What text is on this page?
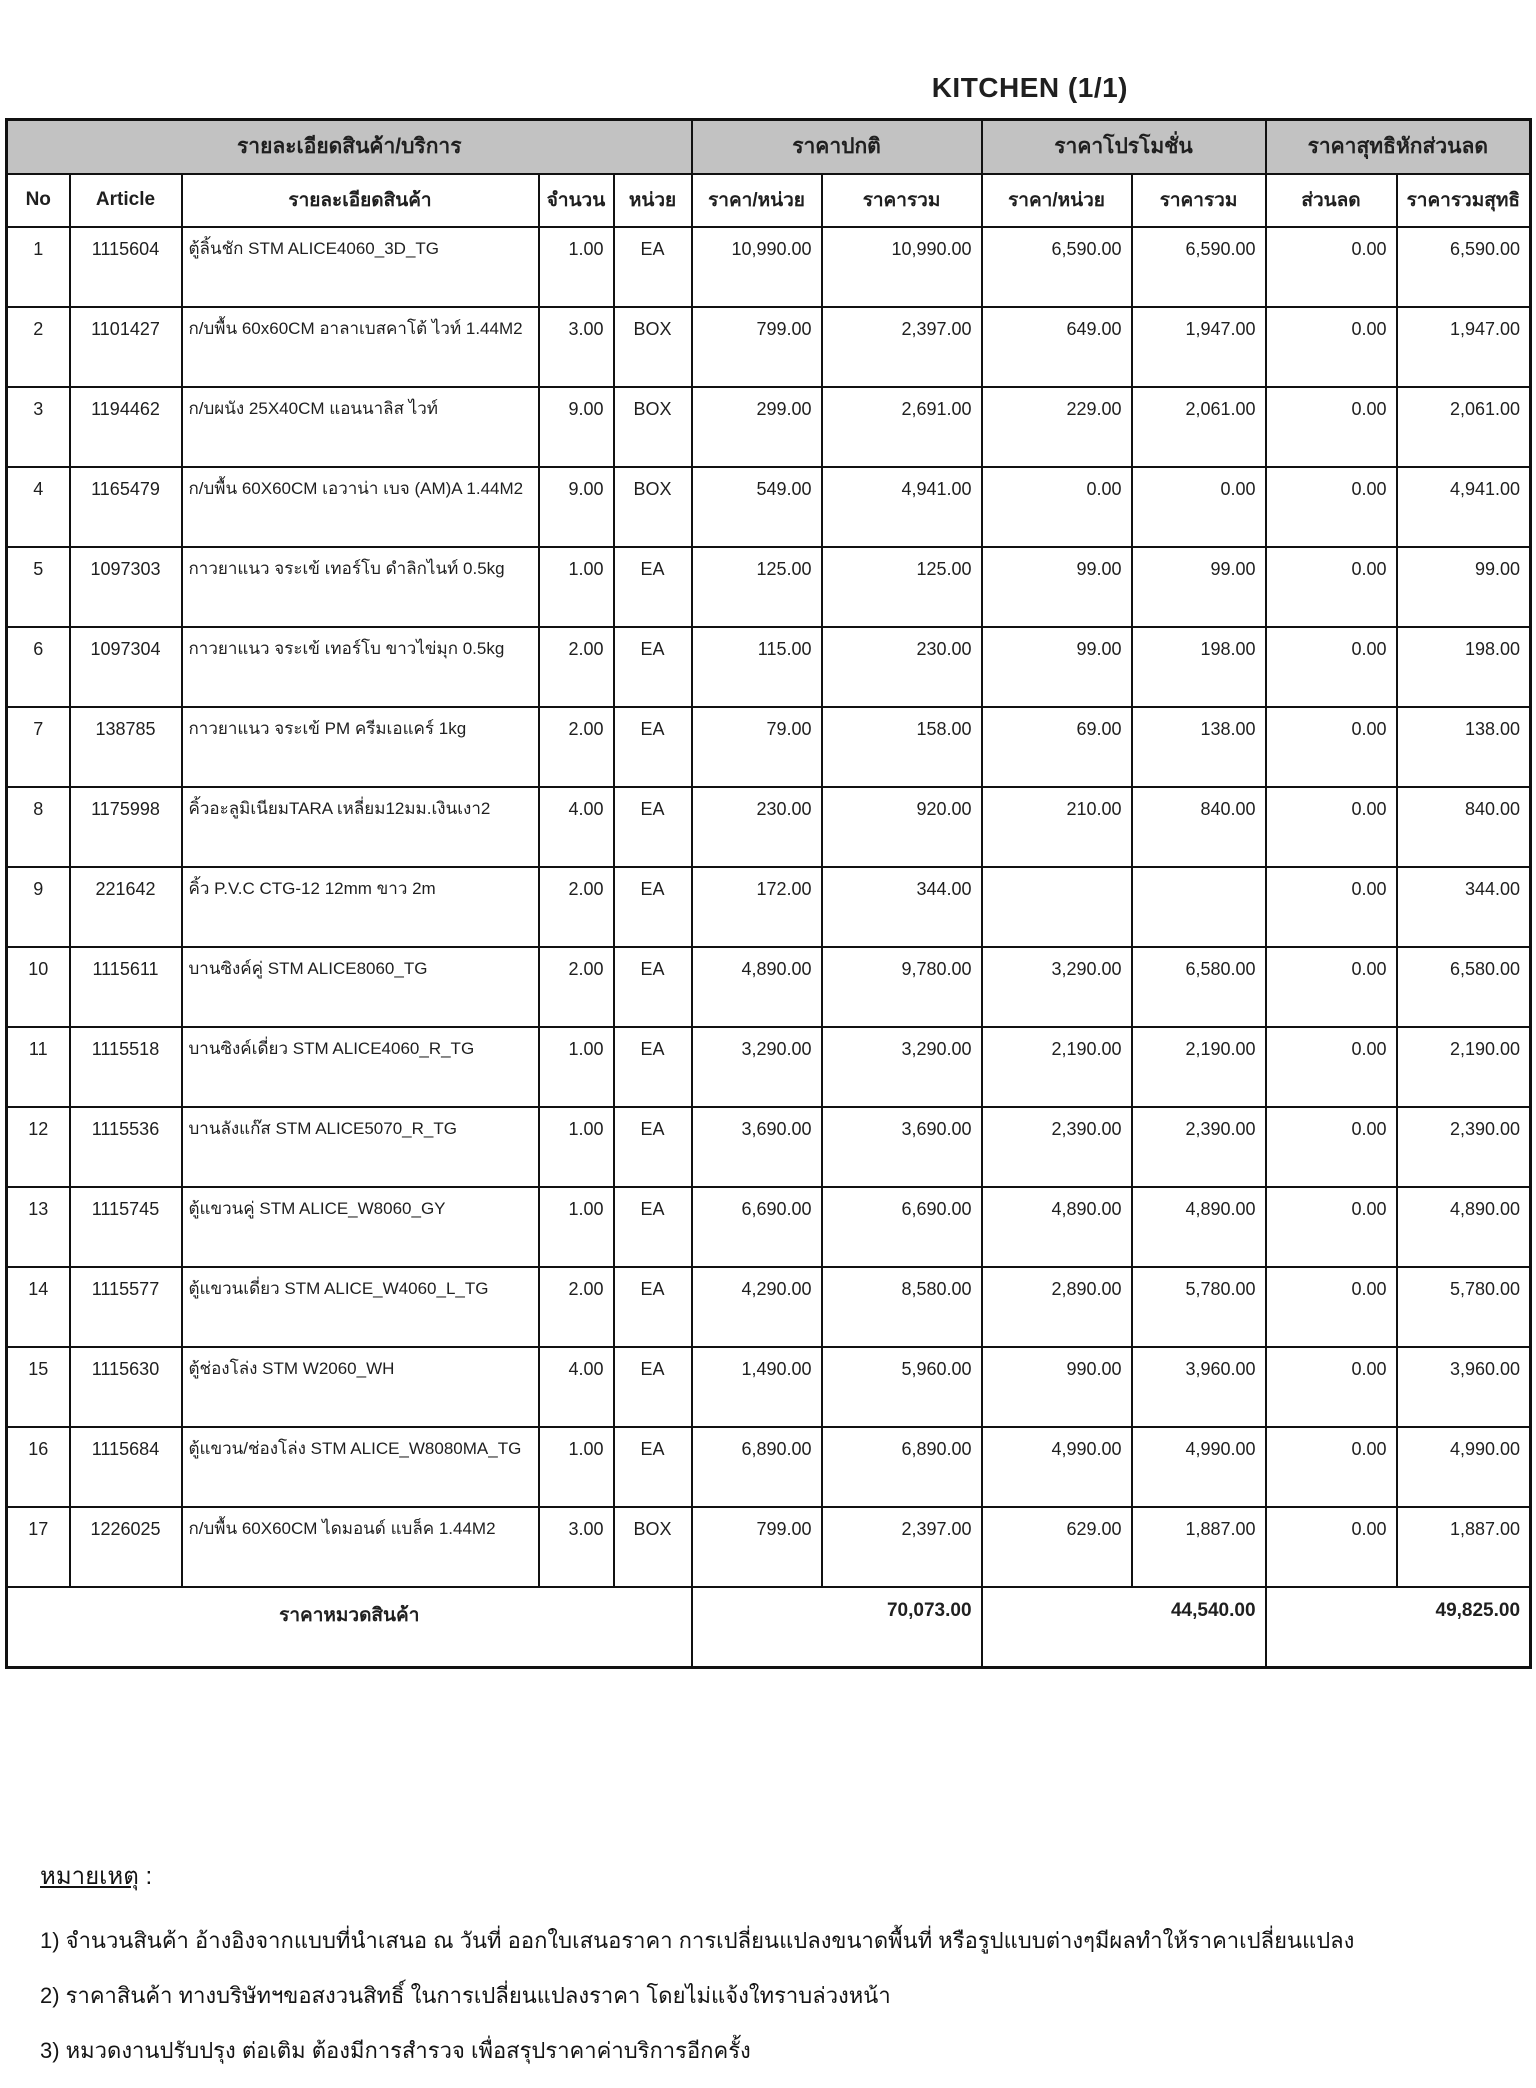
KITCHEN (1/1)
รายละเอียดสินค้า/บริการ					ราคาปกติ		ราคาโปรโมชั่น		ราคาสุทธิหักส่วนลด	
No	Article	รายละเอียดสินค้า	จำนวน	หน่วย	ราคา/หน่วย	ราคารวม	ราคา/หน่วย	ราคารวม	ส่วนลด	ราคารวมสุทธิ
1	1115604	ตู้ลิ้นชัก STM ALICE4060_3D_TG	1.00	EA	10,990.00	10,990.00	6,590.00	6,590.00	0.00	6,590.00
2	1101427	ก/บพื้น 60x60CM อาลาเบสคาโต้ ไวท์ 1.44M2	3.00	BOX	799.00	2,397.00	649.00	1,947.00	0.00	1,947.00
3	1194462	ก/บผนัง 25X40CM แอนนาลิส ไวท์	9.00	BOX	299.00	2,691.00	229.00	2,061.00	0.00	2,061.00
4	1165479	ก/บพื้น 60X60CM เอวาน่า เบจ (AM)A 1.44M2	9.00	BOX	549.00	4,941.00	0.00	0.00	0.00	4,941.00
5	1097303	กาวยาแนว จระเข้ เทอร์โบ ดำลิกไนท์ 0.5kg	1.00	EA	125.00	125.00	99.00	99.00	0.00	99.00
6	1097304	กาวยาแนว จระเข้ เทอร์โบ ขาวไข่มุก 0.5kg	2.00	EA	115.00	230.00	99.00	198.00	0.00	198.00
7	138785	กาวยาแนว จระเข้ PM ครีมเอแคร์ 1kg	2.00	EA	79.00	158.00	69.00	138.00	0.00	138.00
8	1175998	คิ้วอะลูมิเนียมTARA เหลี่ยม12มม.เงินเงา2	4.00	EA	230.00	920.00	210.00	840.00	0.00	840.00
9	221642	คิ้ว P.V.C CTG-12 12mm ขาว 2m	2.00	EA	172.00	344.00			0.00	344.00
10	1115611	บานซิงค์คู่ STM ALICE8060_TG	2.00	EA	4,890.00	9,780.00	3,290.00	6,580.00	0.00	6,580.00
11	1115518	บานซิงค์เดี่ยว STM ALICE4060_R_TG	1.00	EA	3,290.00	3,290.00	2,190.00	2,190.00	0.00	2,190.00
12	1115536	บานลังแก๊ส STM ALICE5070_R_TG	1.00	EA	3,690.00	3,690.00	2,390.00	2,390.00	0.00	2,390.00
13	1115745	ตู้แขวนคู่ STM ALICE_W8060_GY	1.00	EA	6,690.00	6,690.00	4,890.00	4,890.00	0.00	4,890.00
14	1115577	ตู้แขวนเดี่ยว STM ALICE_W4060_L_TG	2.00	EA	4,290.00	8,580.00	2,890.00	5,780.00	0.00	5,780.00
15	1115630	ตู้ช่องโล่ง STM W2060_WH	4.00	EA	1,490.00	5,960.00	990.00	3,960.00	0.00	3,960.00
16	1115684	ตู้แขวน/ช่องโล่ง STM ALICE_W8080MA_TG	1.00	EA	6,890.00	6,890.00	4,990.00	4,990.00	0.00	4,990.00
17	1226025	ก/บพื้น 60X60CM ไดมอนด์ แบล็ค 1.44M2	3.00	BOX	799.00	2,397.00	629.00	1,887.00	0.00	1,887.00
ราคาหมวดสินค้า					70,073.00		44,540.00		49,825.00	
หมายเหตุ :
1) จำนวนสินค้า อ้างอิงจากแบบที่นำเสนอ ณ วันที่ ออกใบเสนอราคา การเปลี่ยนแปลงขนาดพื้นที่ หรือรูปแบบต่างๆมีผลทำให้ราคาเปลี่ยนแปลง
2) ราคาสินค้า ทางบริษัทฯขอสงวนสิทธิ์ ในการเปลี่ยนแปลงราคา โดยไม่แจ้งใทราบล่วงหน้า
3) หมวดงานปรับปรุง ต่อเติม ต้องมีการสำรวจ เพื่อสรุปราคาค่าบริการอีกครั้ง
